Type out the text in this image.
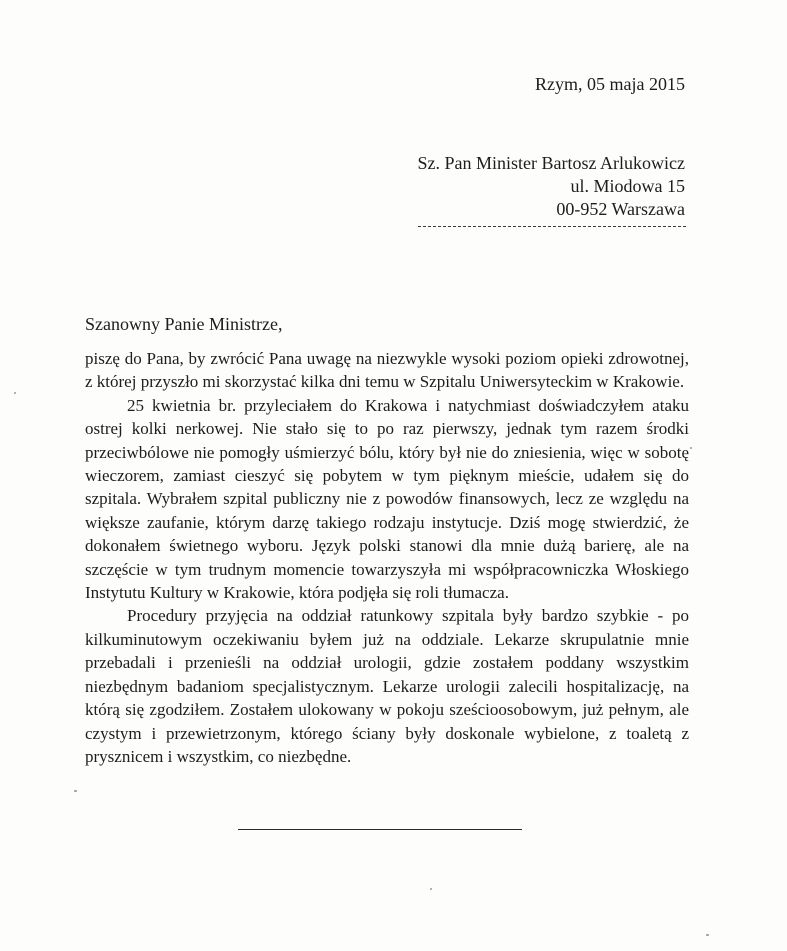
Rzym, 05 maja 2015
Sz. Pan Minister Bartosz Arlukowicz
ul. Miodowa 15
00-952 Warszawa
Szanowny Panie Ministrze,

piszę do Pana, by zwrócić Pana uwagę na niezwykle wysoki poziom opieki zdrowotnej, z której przyszło mi skorzystać kilka dni temu w Szpitalu Uniwersyteckim w Krakowie.

25 kwietnia br. przyleciałem do Krakowa i natychmiast doświadczyłem ataku ostrej kolki nerkowej. Nie stało się to po raz pierwszy, jednak tym razem środki przeciwbólowe nie pomogły uśmierzyć bólu, który był nie do zniesienia, więc w sobotę wieczorem, zamiast cieszyć się pobytem w tym pięknym mieście, udałem się do szpitala. Wybrałem szpital publiczny nie z powodów finansowych, lecz ze względu na większe zaufanie, którym darzę takiego rodzaju instytucje. Dziś mogę stwierdzić, że dokonałem świetnego wyboru. Język polski stanowi dla mnie dużą barierę, ale na szczęście w tym trudnym momencie towarzyszyła mi współpracowniczka Włoskiego Instytutu Kultury w Krakowie, która podjęła się roli tłumacza.

Procedury przyjęcia na oddział ratunkowy szpitala były bardzo szybkie - po kilkuminutowym oczekiwaniu byłem już na oddziale. Lekarze skrupulatnie mnie przebadali i przenieśli na oddział urologii, gdzie zostałem poddany wszystkim niezbędnym badaniom specjalistycznym. Lekarze urologii zalecili hospitalizację, na którą się zgodziłem. Zostałem ulokowany w pokoju sześcioosobowym, już pełnym, ale czystym i przewietrzonym, którego ściany były doskonale wybielone, z toaletą z prysznicem i wszystkim, co niezbędne.
